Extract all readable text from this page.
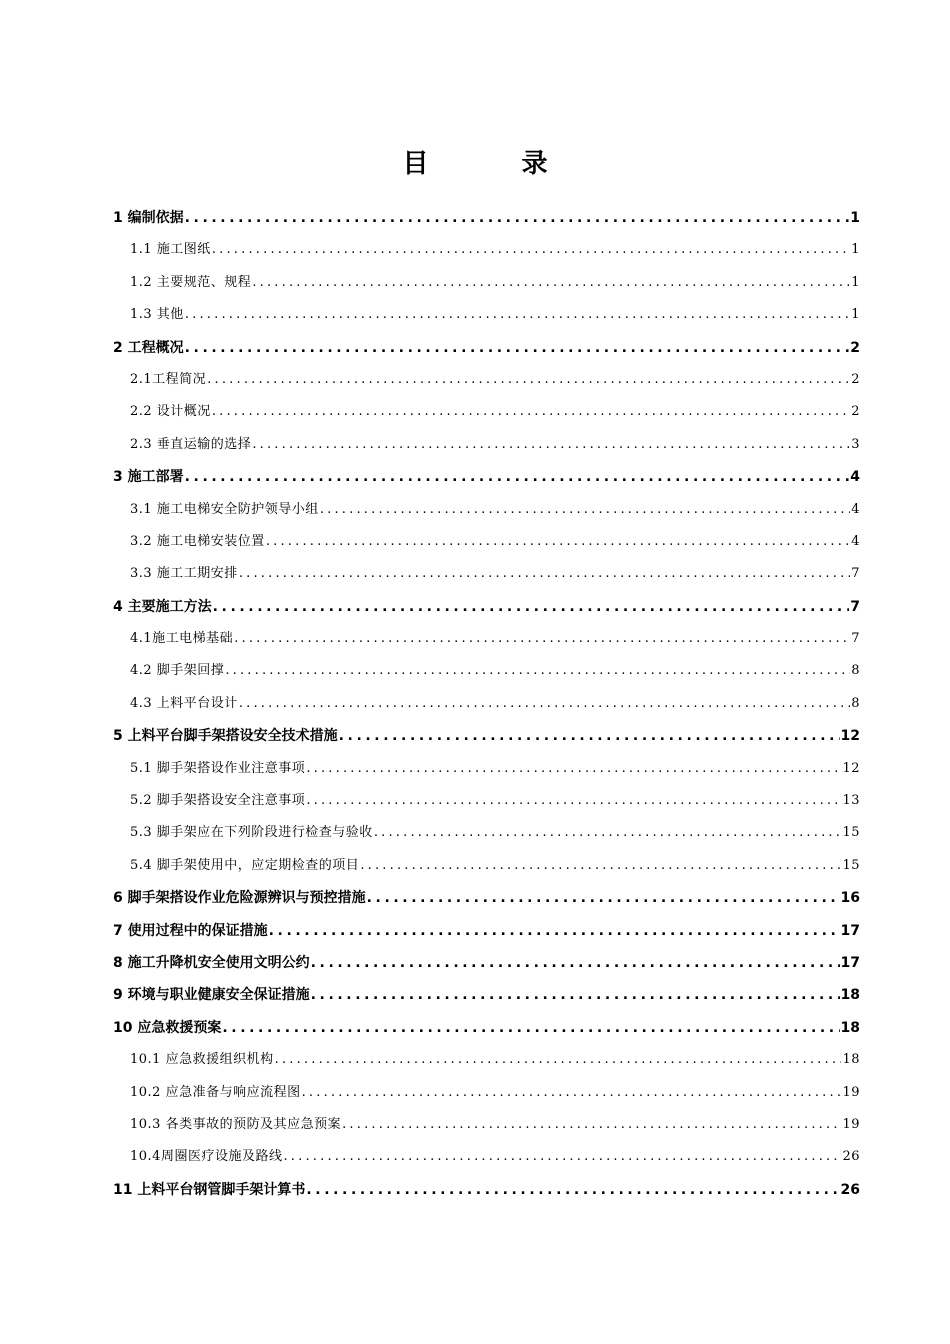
目 录
1 编制依据 .....	1
1.1 施工图纸 .....	1
1.2 主要规范、规程 .....	1
1.3 其他 .....	1
2 工程概况 .....	2
2.1工程简况 .....	2
2.2 设计概况 .....	2
2.3 垂直运输的选择 .....	3
3 施工部署 .....	4
3.1 施工电梯安全防护领导小组 .....	4
3.2 施工电梯安装位置 .....	4
3.3 施工工期安排 .....	7
4 主要施工方法 .....	7
4.1施工电梯基础 .....	7
4.2 脚手架回撑 .....	8
4.3 上料平台设计 .....	8
5 上料平台脚手架搭设安全技术措施 .....	12
5.1 脚手架搭设作业注意事项 .....	12
5.2 脚手架搭设安全注意事项 .....	13
5.3 脚手架应在下列阶段进行检查与验收 .....	15
5.4 脚手架使用中，应定期检查的项目 .....	15
6 脚手架搭设作业危险源辨识与预控措施 .....	16
7 使用过程中的保证措施 .....	17
8 施工升降机安全使用文明公约 .....	17
9 环境与职业健康安全保证措施 .....	18
10 应急救援预案 .....	18
10.1 应急救援组织机构 .....	18
10.2 应急准备与响应流程图 .....	19
10.3 各类事故的预防及其应急预案 .....	19
10.4周圈医疗设施及路线 .....	26
11 上料平台钢管脚手架计算书 .....	26
